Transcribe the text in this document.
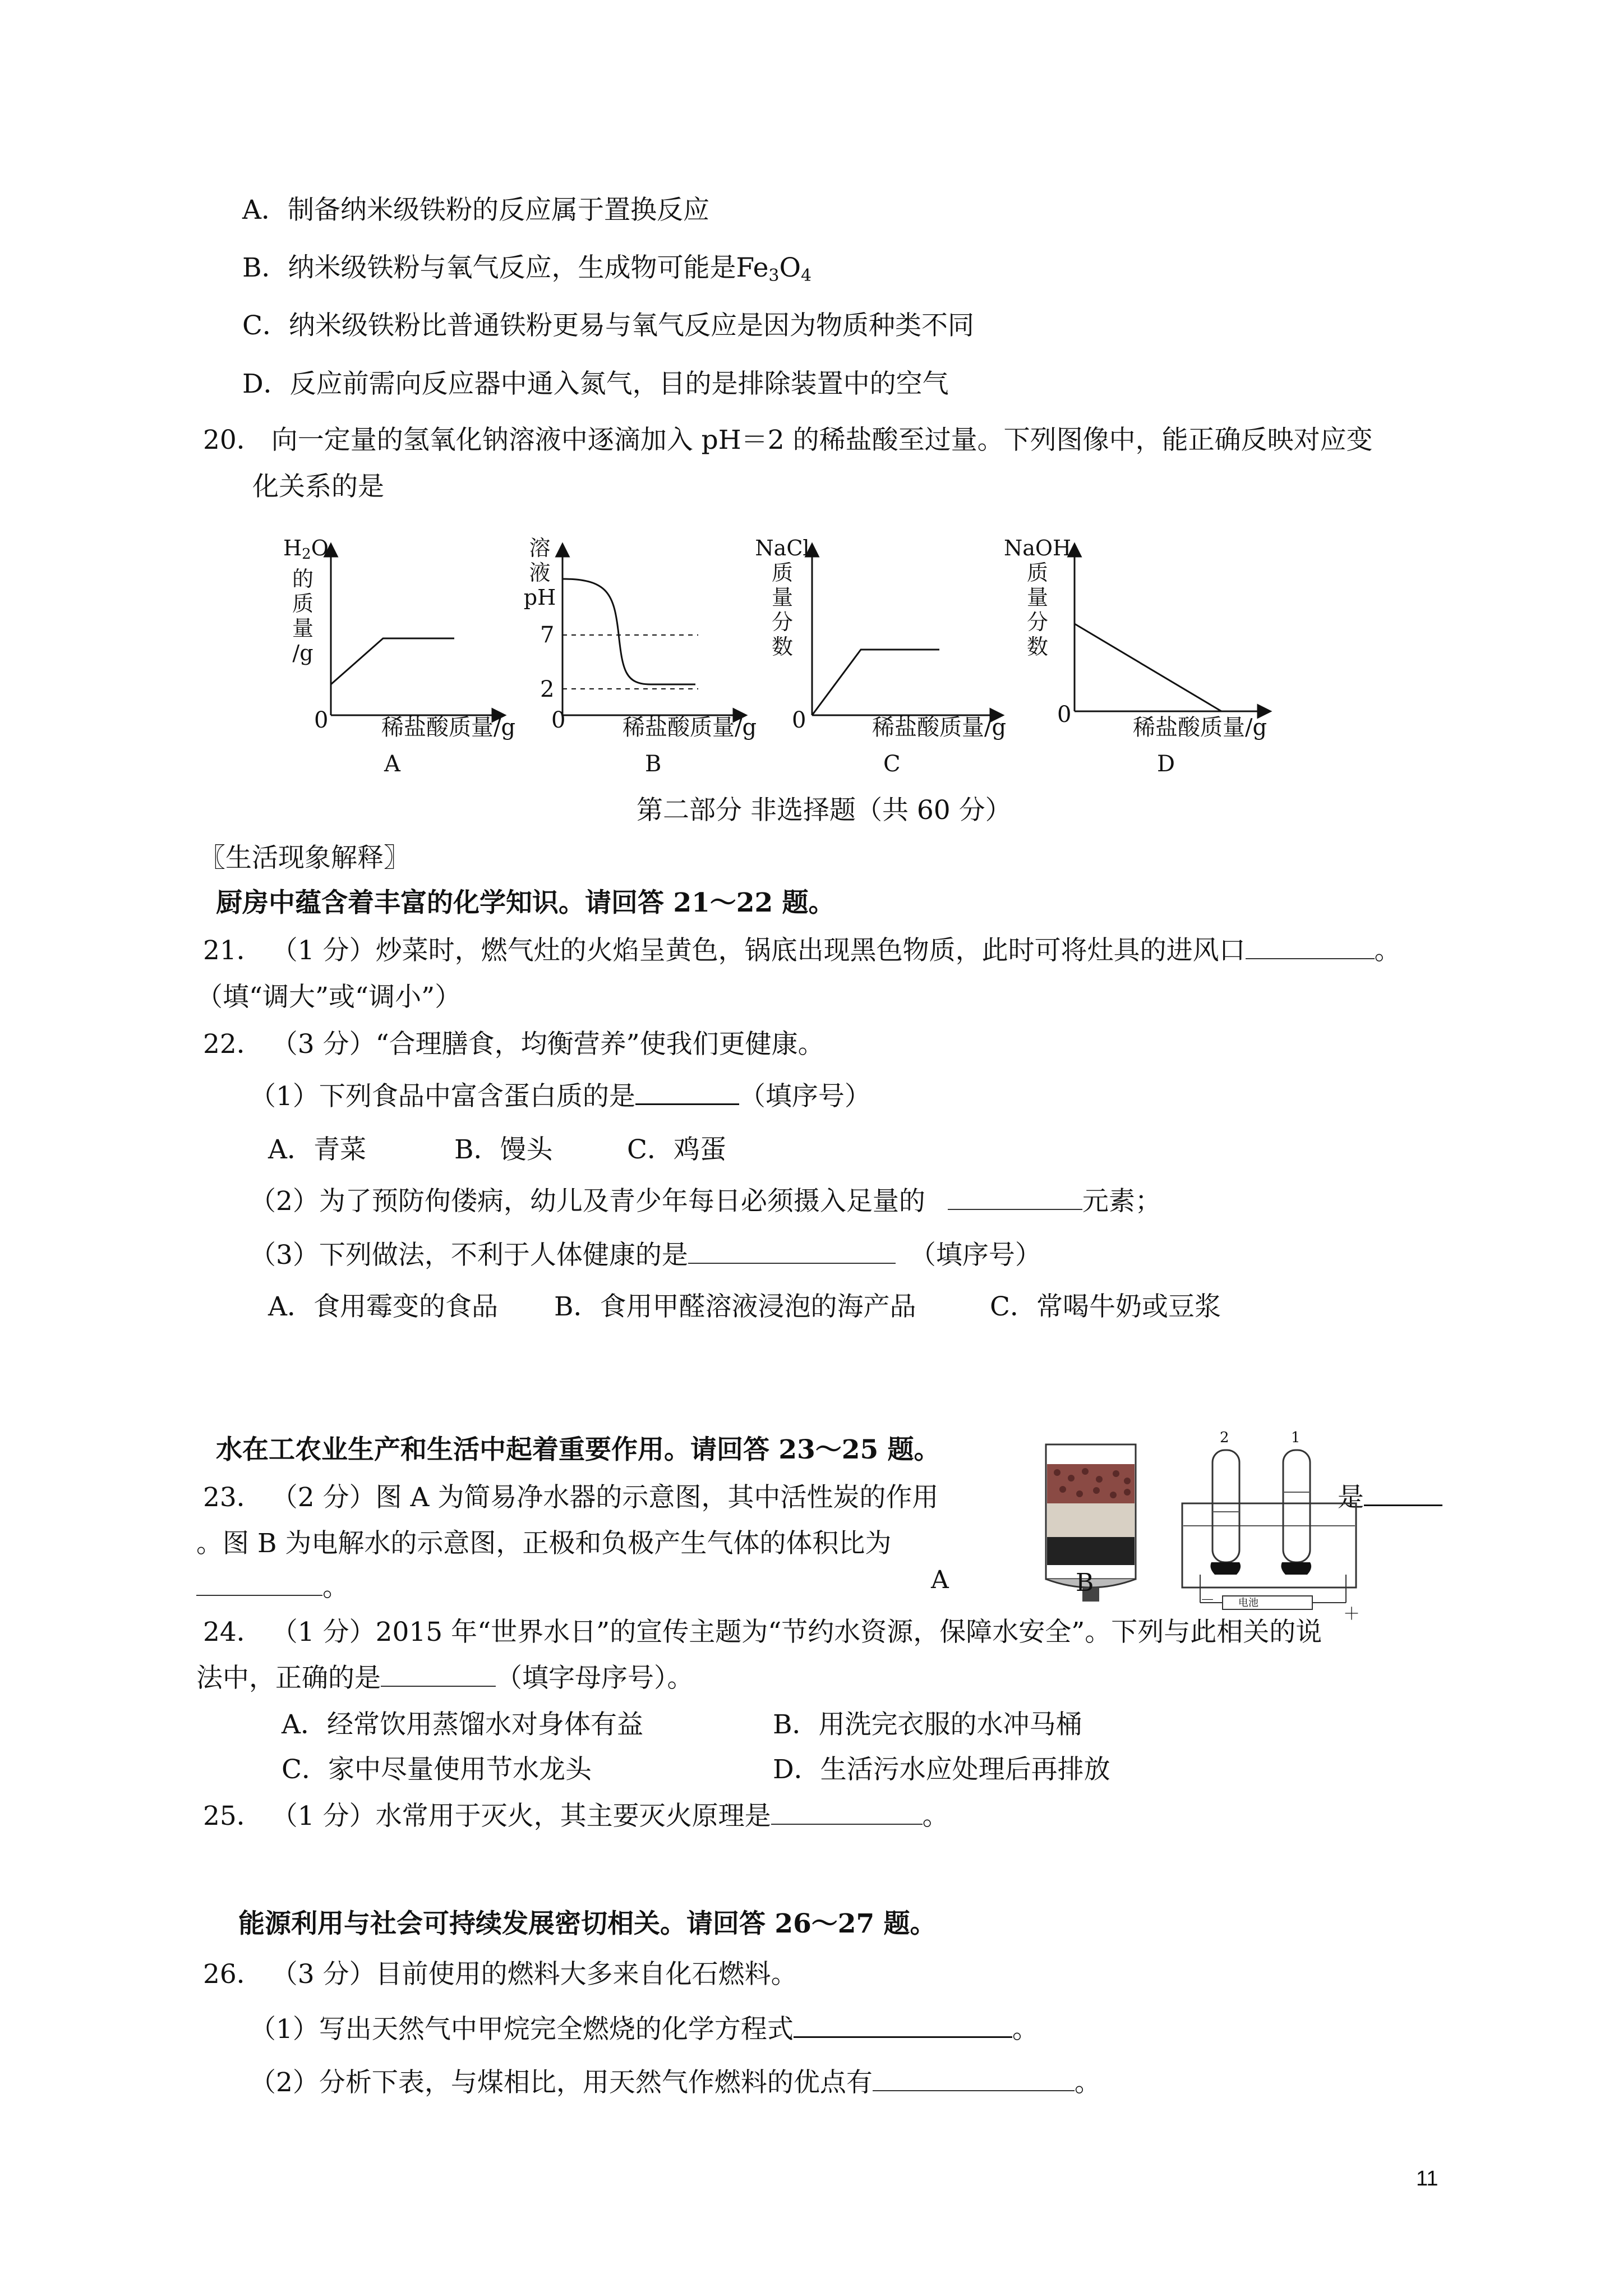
A．制备纳米级铁粉的反应属于置换反应
B．纳米级铁粉与氧气反应，生成物可能是Fe3O4
C．纳米级铁粉比普通铁粉更易与氧气反应是因为物质种类不同
D．反应前需向反应器中通入氮气，目的是排除装置中的空气
20． 向一定量的氢氧化钠溶液中逐滴加入 pH＝2 的稀盐酸至过量。下列图像中，能正确反映对应变
化关系的是
H2O
的
质
量
/g
0 稀盐酸质量/g
A
溶
液
pH
7
2
0	稀盐酸质量/g
B
NaCl
质
量
分
数
0	稀盐酸质量/g
C
NaOH
质
量
分
数
0	稀盐酸质量/g
D
第二部分 非选择题（共 60 分）
〖生活现象解释〗
厨房中蕴含着丰富的化学知识。请回答 21～22 题。
21． （1 分）炒菜时，燃气灶的火焰呈黄色，锅底出现黑色物质，此时可将灶具的进风口	。
（填“调大”或“调小”）
22． （3 分）“合理膳食，均衡营养”使我们更健康。
（1）下列食品中富含蛋白质的是	（填序号）
A．青菜	B．馒头	C．鸡蛋
（2）为了预防佝偻病，幼儿及青少年每日必须摄入足量的	元素；
（3）下列做法，不利于人体健康的是	（填序号）
A．食用霉变的食品 B．食用甲醛溶液浸泡的海产品	C．常喝牛奶或豆浆
水在工农业生产和生活中起着重要作用。请回答 23～25 题。
23． （2 分）图 A 为简易净水器的示意图，其中活性炭的作用	是
。图 B 为电解水的示意图，正极和负极产生气体的体积比为
。
2	1
电池
－
＋
A	B
24． （1 分）2015 年“世界水日”的宣传主题为“节约水资源，保障水安全”。下列与此相关的说
法中，正确的是	（填字母序号）。
A．经常饮用蒸馏水对身体有益	B．用洗完衣服的水冲马桶
C．家中尽量使用节水龙头	D．生活污水应处理后再排放
25． （1 分）水常用于灭火，其主要灭火原理是	。
能源利用与社会可持续发展密切相关。请回答 26～27 题。
26． （3 分）目前使用的燃料大多来自化石燃料。
（1）写出天然气中甲烷完全燃烧的化学方程式	。
（2）分析下表，与煤相比，用天然气作燃料的优点有	。
11
